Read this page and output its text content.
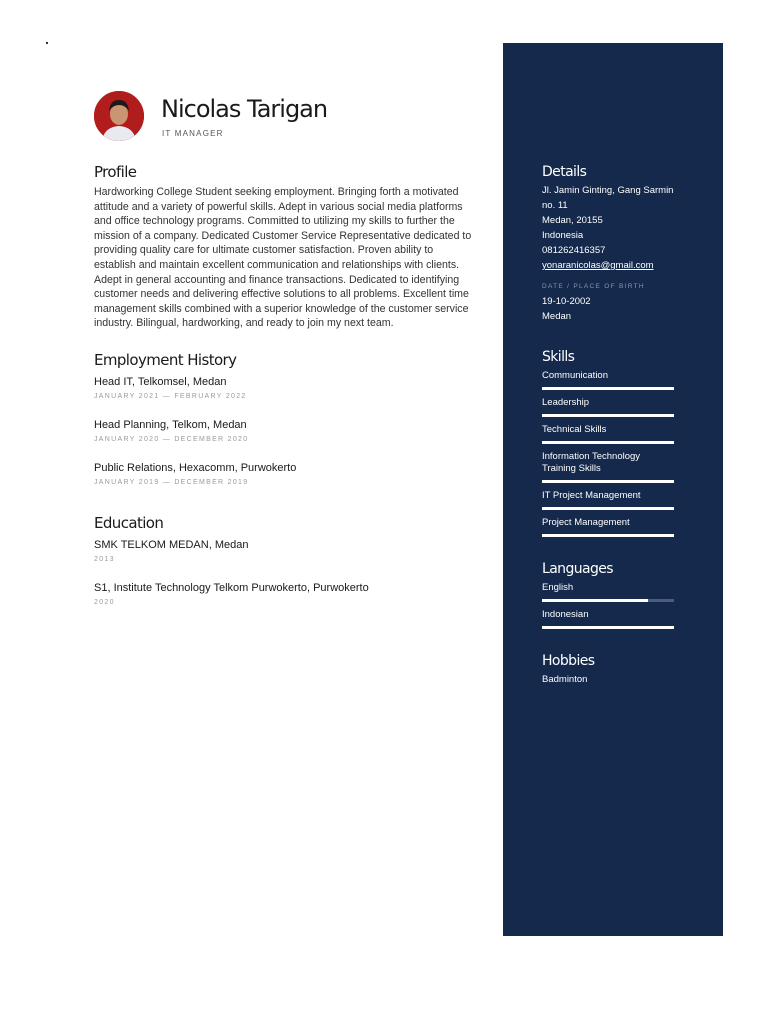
Nicolas Tarigan
IT MANAGER
Profile

Hardworking College Student seeking employment. Bringing forth a motivated attitude and a variety of powerful skills. Adept in various social media platforms and office technology programs. Committed to utilizing my skills to further the mission of a company. Dedicated Customer Service Representative dedicated to providing quality care for ultimate customer satisfaction. Proven ability to establish and maintain excellent communication and relationships with clients. Adept in general accounting and finance transactions. Dedicated to identifying customer needs and delivering effective solutions to all problems. Excellent time management skills combined with a superior knowledge of the customer service industry. Bilingual, hardworking, and ready to join my next team.

Employment History
Head IT, Telkomsel, Medan
JANUARY 2021 — FEBRUARY 2022
Head Planning, Telkom, Medan
JANUARY 2020 — DECEMBER 2020
Public Relations, Hexacomm, Purwokerto
JANUARY 2019 — DECEMBER 2019
Education
SMK TELKOM MEDAN, Medan
2013
S1, Institute Technology Telkom Purwokerto, Purwokerto
2020
Details
Jl. Jamin Ginting, Gang Sarmin
no. 11
Medan, 20155
Indonesia
081262416357
yonaranicolas@gmail.com
DATE / PLACE OF BIRTH
19-10-2002
Medan
Skills
Communication
Leadership
Technical Skills
Information Technology Training Skills
IT Project Management
Project Management
Languages
English
Indonesian
Hobbies
Badminton
